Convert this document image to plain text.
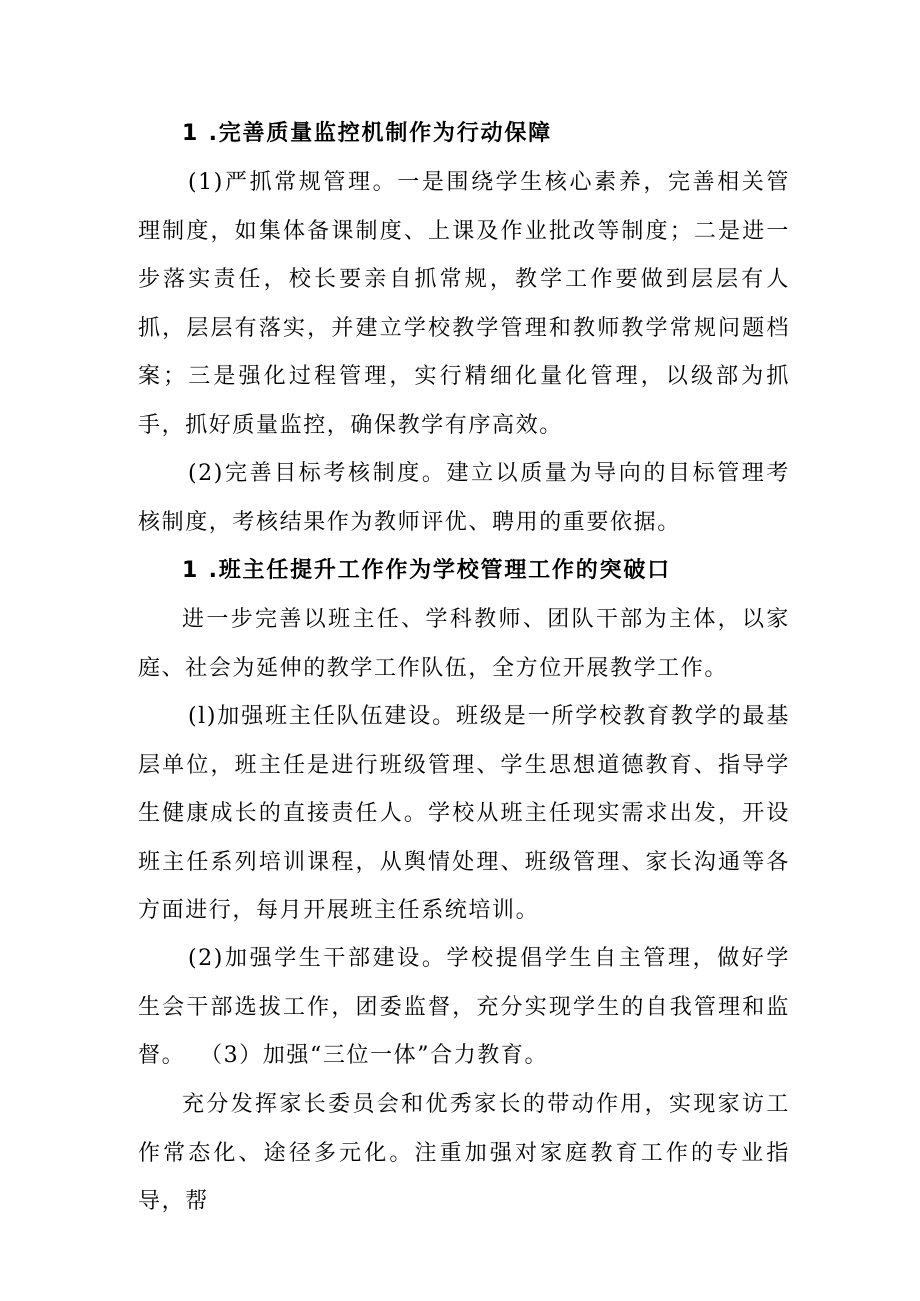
1 .完善质量监控机制作为行动保障

(1)严抓常规管理。一是围绕学生核心素养，完善相关管理制度，如集体备课制度、上课及作业批改等制度；二是进一步落实责任，校长要亲自抓常规，教学工作要做到层层有人抓，层层有落实，并建立学校教学管理和教师教学常规问题档案；三是强化过程管理，实行精细化量化管理，以级部为抓手，抓好质量监控，确保教学有序高效。

(2)完善目标考核制度。建立以质量为导向的目标管理考核制度，考核结果作为教师评优、聘用的重要依据。

1 .班主任提升工作作为学校管理工作的突破口

进一步完善以班主任、学科教师、团队干部为主体，以家庭、社会为延伸的教学工作队伍，全方位开展教学工作。

(l)加强班主任队伍建设。班级是一所学校教育教学的最基层单位，班主任是进行班级管理、学生思想道德教育、指导学生健康成长的直接责任人。学校从班主任现实需求出发，开设班主任系列培训课程，从舆情处理、班级管理、家长沟通等各方面进行，每月开展班主任系统培训。

(2)加强学生干部建设。学校提倡学生自主管理，做好学生会干部选拔工作，团委监督，充分实现学生的自我管理和监督。 （3）加强“三位一体”合力教育。

充分发挥家长委员会和优秀家长的带动作用，实现家访工作常态化、途径多元化。注重加强对家庭教育工作的专业指导，帮
